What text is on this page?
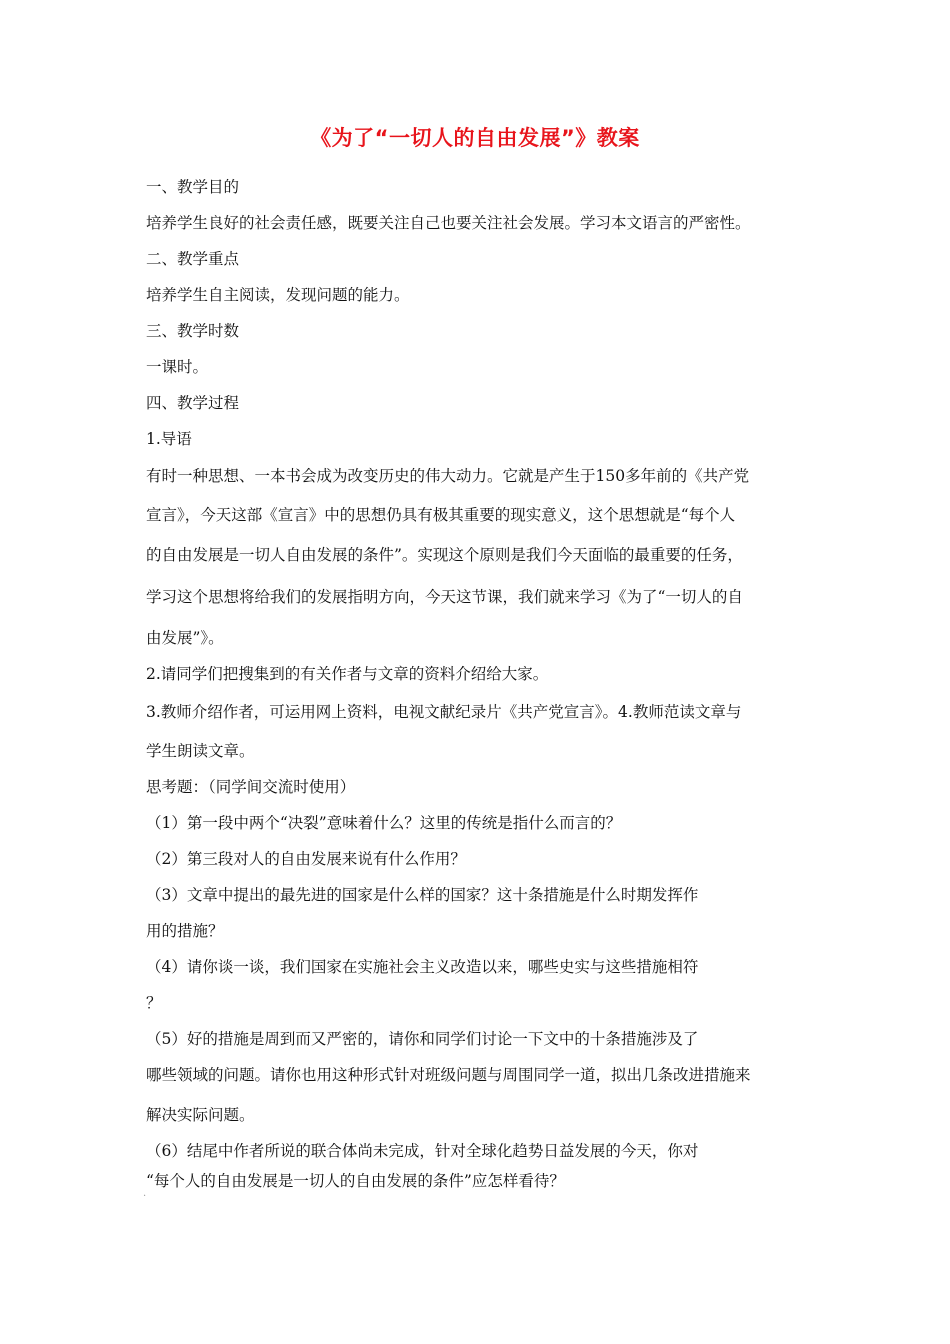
《为了“一切人的自由发展”》教案
一、教学目的
培养学生良好的社会责任感，既要关注自己也要关注社会发展。学习本文语言的严密性。
二、教学重点
培养学生自主阅读，发现问题的能力。
三、教学时数
一课时。
四、教学过程
1.导语
有时一种思想、一本书会成为改变历史的伟大动力。它就是产生于150多年前的《共产党
宣言》，今天这部《宣言》中的思想仍具有极其重要的现实意义，这个思想就是“每个人
的自由发展是一切人自由发展的条件”。实现这个原则是我们今天面临的最重要的任务，
学习这个思想将给我们的发展指明方向，今天这节课，我们就来学习《为了“一切人的自
由发展”》。
2.请同学们把搜集到的有关作者与文章的资料介绍给大家。
3.教师介绍作者，可运用网上资料，电视文献纪录片《共产党宣言》。4.教师范读文章与
学生朗读文章。
思考题：（同学间交流时使用）
（1）第一段中两个“决裂”意味着什么？这里的传统是指什么而言的？
（2）第三段对人的自由发展来说有什么作用？
（3）文章中提出的最先进的国家是什么样的国家？这十条措施是什么时期发挥作
用的措施？
（4）请你谈一谈，我们国家在实施社会主义改造以来，哪些史实与这些措施相符
？
（5）好的措施是周到而又严密的，请你和同学们讨论一下文中的十条措施涉及了
哪些领域的问题。请你也用这种形式针对班级问题与周围同学一道，拟出几条改进措施来
解决实际问题。
（6）结尾中作者所说的联合体尚未完成，针对全球化趋势日益发展的今天，你对
“每个人的自由发展是一切人的自由发展的条件”应怎样看待？
.
